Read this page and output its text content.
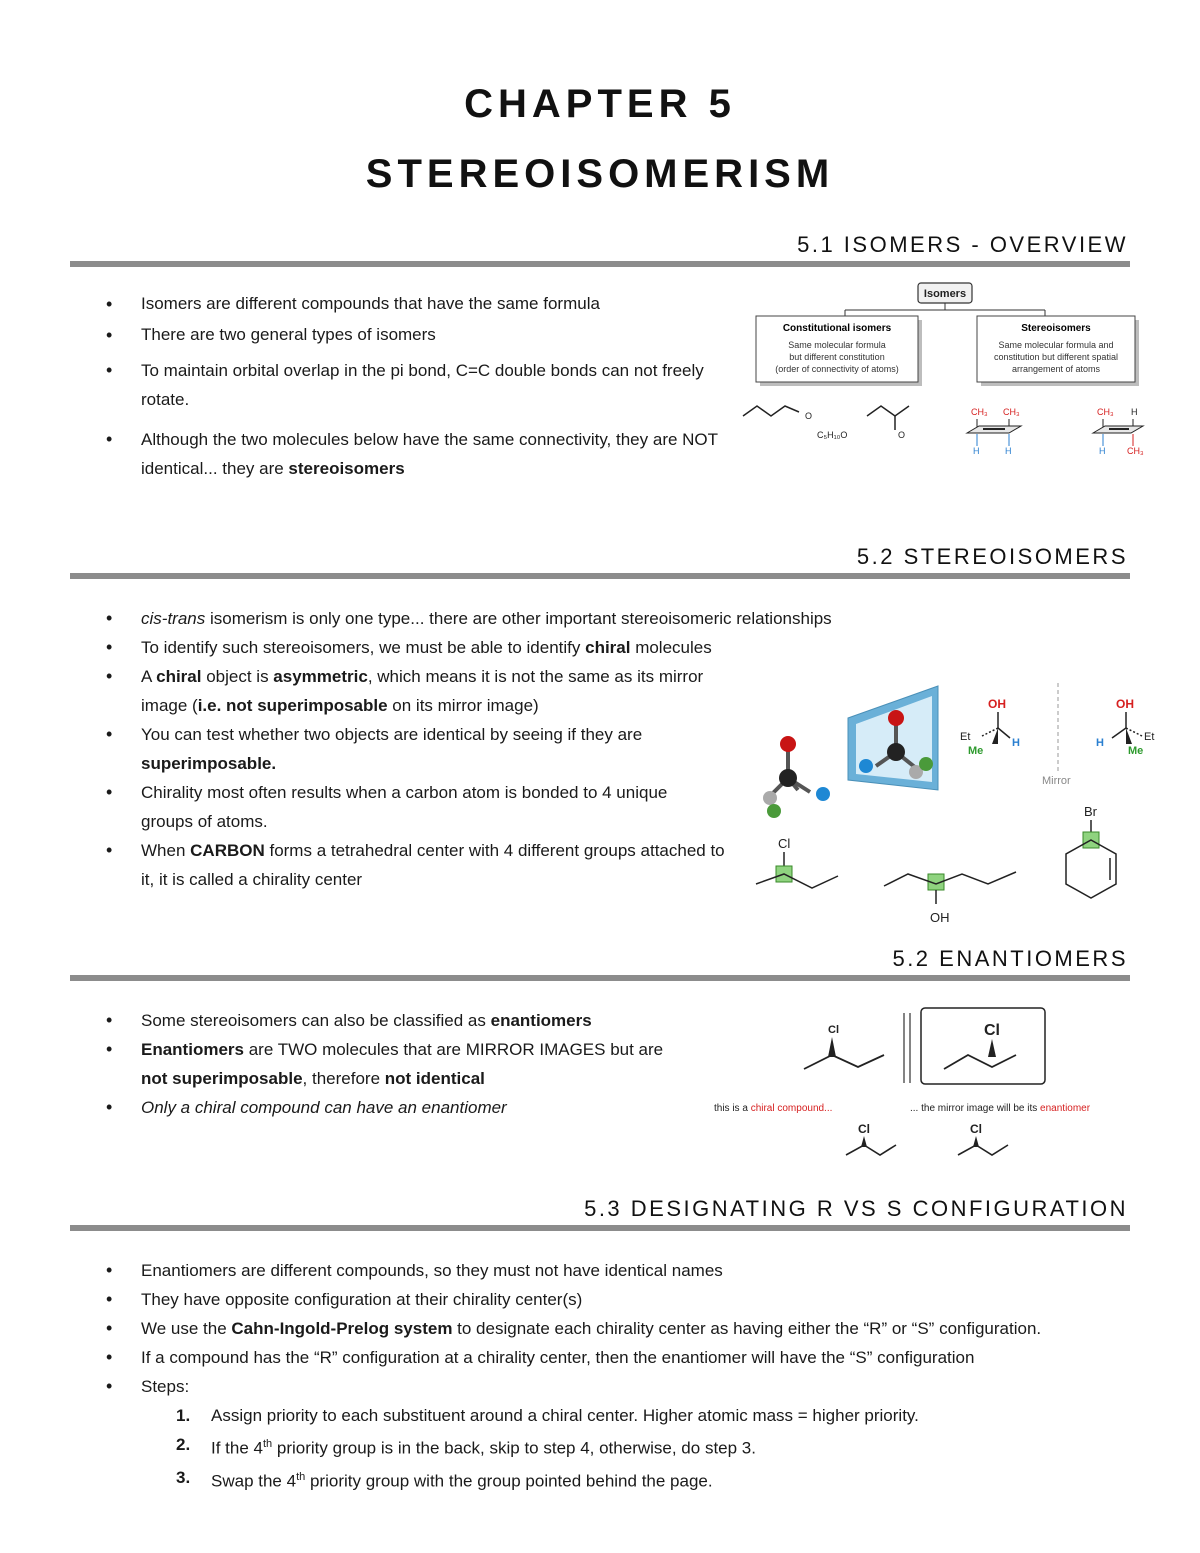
CHAPTER 5
STEREOISOMERISM
5.1 ISOMERS - OVERVIEW
• Isomers are different compounds that have the same formula
• There are two general types of isomers
• To maintain orbital overlap in the pi bond, C=C double bonds can not freely rotate.
• Although the two molecules below have the same connectivity, they are NOT identical... they are stereoisomers
Isomers
Constitutional isomers
Same molecular formula
but different constitution
(order of connectivity of atoms)
Stereoisomers
Same molecular formula and
constitution but different spatial
arrangement of atoms
O
C₅H₁₀O	O
CH₃ CH₃
H	H
CH₃ H
H CH₃
5.2 STEREOISOMERS
• cis-trans isomerism is only one type... there are other important stereoisomeric relationships
• To identify such stereoisomers, we must be able to identify chiral molecules
• A chiral object is asymmetric, which means it is not the same as its mirror image (i.e. not superimposable on its mirror image)
• You can test whether two objects are identical by seeing if they are superimposable.
• Chirality most often results when a carbon atom is bonded to 4 unique groups of atoms.
• When CARBON forms a tetrahedral center with 4 different groups attached to it, it is called a chirality center
OH
Et
Me
H
Mirror
OH
Et
Me
H
Cl
OH
Br
5.2 ENANTIOMERS
• Some stereoisomers can also be classified as enantiomers
• Enantiomers are TWO molecules that are MIRROR IMAGES but are not superimposable, therefore not identical
• Only a chiral compound can have an enantiomer
Cl	Cl
this is a chiral compound...	... the mirror image will be its enantiomer
Cl	Cl
5.3 DESIGNATING R VS S CONFIGURATION
• Enantiomers are different compounds, so they must not have identical names
• They have opposite configuration at their chirality center(s)
• We use the Cahn-Ingold-Prelog system to designate each chirality center as having either the “R” or “S” configuration.
• If a compound has the “R” configuration at a chirality center, then the enantiomer will have the “S” configuration
• Steps:
1. Assign priority to each substituent around a chiral center. Higher atomic mass = higher priority.
2. If the 4th priority group is in the back, skip to step 4, otherwise, do step 3.
3. Swap the 4th priority group with the group pointed behind the page.
